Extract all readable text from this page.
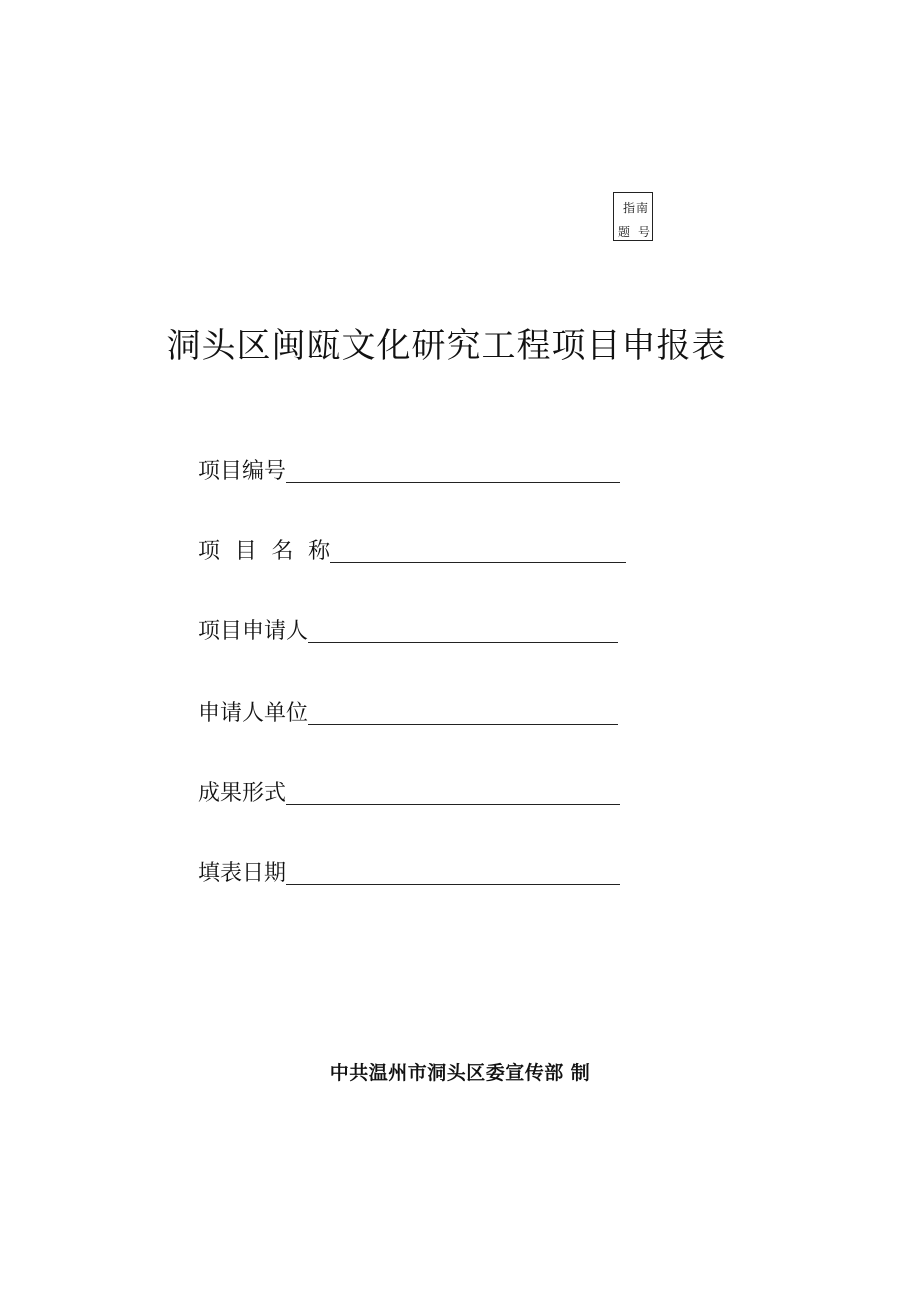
指南
题 号
洞头区闽瓯文化研究工程项目申报表
项目编号
项 目 名 称
项目申请人
申请人单位
成果形式
填表日期
中共温州市洞头区委宣传部 制
